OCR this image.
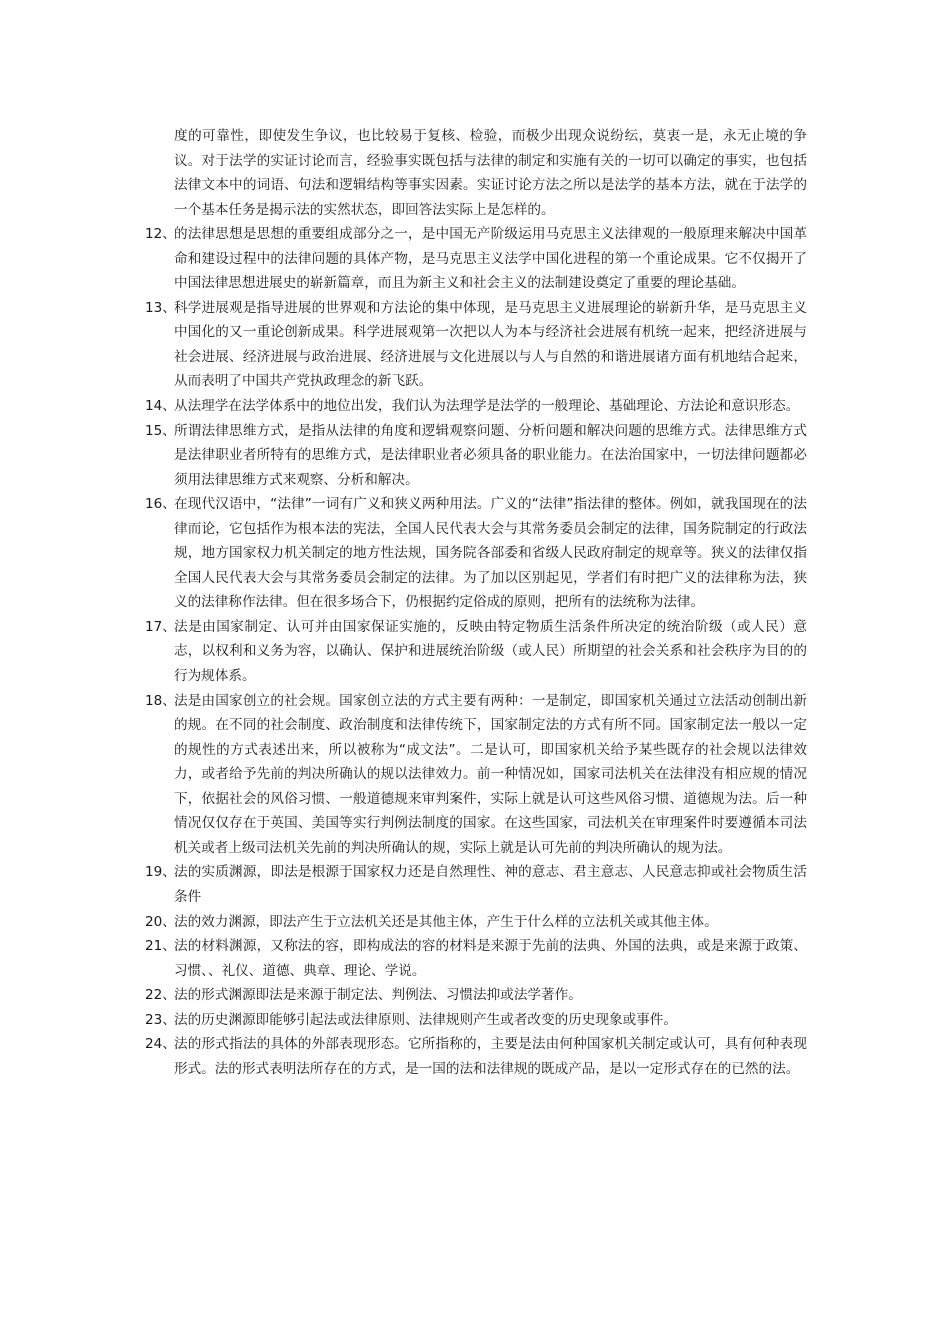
度的可靠性，即使发生争议，也比较易于复核、检验，而极少出现众说纷纭，莫衷一是，永无止境的争议。对于法学的实证讨论而言，经验事实既包括与法律的制定和实施有关的一切可以确定的事实，也包括法律文本中的词语、句法和逻辑结构等事实因素。实证讨论方法之所以是法学的基本方法，就在于法学的一个基本任务是揭示法的实然状态，即回答法实际上是怎样的。

12、
的法律思想是思想的重要组成部分之一，是中国无产阶级运用马克思主义法律观的一般原理来解决中国革命和建设过程中的法律问题的具体产物，是马克思主义法学中国化进程的第一个重论成果。它不仅揭开了中国法律思想进展史的崭新篇章，而且为新主义和社会主义的法制建设奠定了重要的理论基础。

13、
科学进展观是指导进展的世界观和方法论的集中体现，是马克思主义进展理论的崭新升华，是马克思主义中国化的又一重论创新成果。科学进展观第一次把以人为本与经济社会进展有机统一起来，把经济进展与社会进展、经济进展与政治进展、经济进展与文化进展以与人与自然的和谐进展诸方面有机地结合起来，从而表明了中国共产党执政理念的新飞跃。

14、
从法理学在法学体系中的地位出发，我们认为法理学是法学的一般理论、基础理论、方法论和意识形态。

15、
所谓法律思维方式，是指从法律的角度和逻辑观察问题、分析问题和解决问题的思维方式。法律思维方式是法律职业者所特有的思维方式，是法律职业者必须具备的职业能力。在法治国家中，一切法律问题都必须用法律思维方式来观察、分析和解决。

16、
在现代汉语中，“法律”一词有广义和狭义两种用法。广义的“法律”指法律的整体。例如，就我国现在的法律而论，它包括作为根本法的宪法，全国人民代表大会与其常务委员会制定的法律，国务院制定的行政法规，地方国家权力机关制定的地方性法规，国务院各部委和省级人民政府制定的规章等。狭义的法律仅指全国人民代表大会与其常务委员会制定的法律。为了加以区别起见，学者们有时把广义的法律称为法，狭义的法律称作法律。但在很多场合下，仍根据约定俗成的原则，把所有的法统称为法律。

17、
法是由国家制定、认可并由国家保证实施的，反映由特定物质生活条件所决定的统治阶级（或人民）意志，以权利和义务为容，以确认、保护和进展统治阶级（或人民）所期望的社会关系和社会秩序为目的的行为规体系。

18、
法是由国家创立的社会规。国家创立法的方式主要有两种：一是制定，即国家机关通过立法活动创制出新的规。在不同的社会制度、政治制度和法律传统下，国家制定法的方式有所不同。国家制定法一般以一定的规性的方式表述出来，所以被称为“成文法”。二是认可，即国家机关给予某些既存的社会规以法律效力，或者给予先前的判决所确认的规以法律效力。前一种情况如，国家司法机关在法律没有相应规的情况下，依据社会的风俗习惯、一般道德规来审判案件，实际上就是认可这些风俗习惯、道德规为法。后一种情况仅仅存在于英国、美国等实行判例法制度的国家。在这些国家，司法机关在审理案件时要遵循本司法机关或者上级司法机关先前的判决所确认的规，实际上就是认可先前的判决所确认的规为法。

19、
法的实质渊源，即法是根源于国家权力还是自然理性、神的意志、君主意志、人民意志抑或社会物质生活条件

20、
法的效力渊源，即法产生于立法机关还是其他主体，产生于什么样的立法机关或其他主体。

21、
法的材料渊源，又称法的容，即构成法的容的材料是来源于先前的法典、外国的法典，或是来源于政策、习惯、、礼仪、道德、典章、理论、学说。

22、
法的形式渊源即法是来源于制定法、判例法、习惯法抑或法学著作。

23、
法的历史渊源即能够引起法或法律原则、法律规则产生或者改变的历史现象或事件。

24、
法的形式指法的具体的外部表现形态。它所指称的，主要是法由何种国家机关制定或认可，具有何种表现形式。法的形式表明法所存在的方式，是一国的法和法律规的既成产品，是以一定形式存在的已然的法。
